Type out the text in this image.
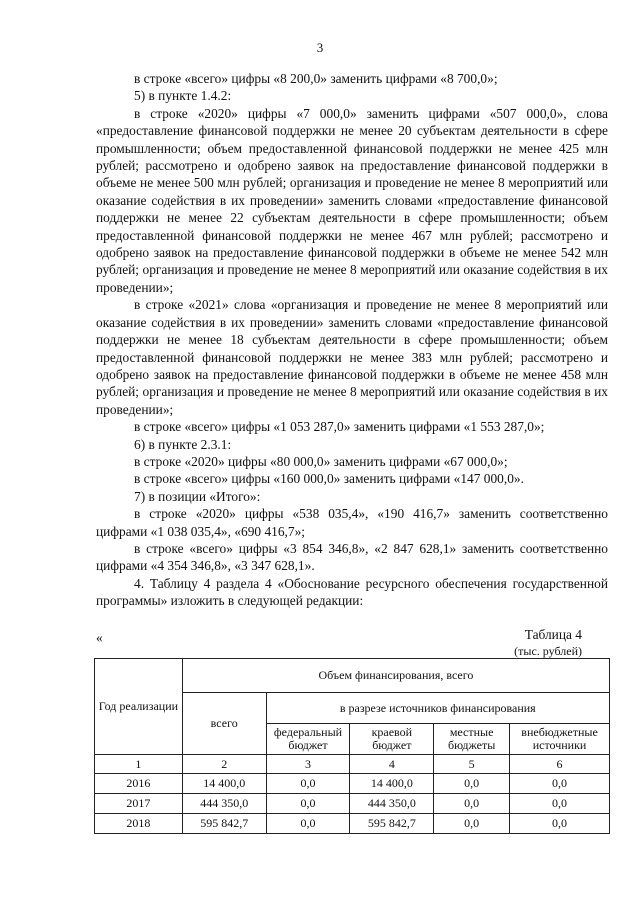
3

в строке «всего» цифры «8 200,0» заменить цифрами «8 700,0»;

5) в пункте 1.4.2:

в строке «2020» цифры «7 000,0» заменить цифрами «507 000,0», слова «предоставление финансовой поддержки не менее 20 субъектам деятельности в сфере промышленности; объем предоставленной финансовой поддержки не менее 425 млн рублей; рассмотрено и одобрено заявок на предоставление финансовой поддержки в объеме не менее 500 млн рублей; организация и проведение не менее 8 мероприятий или оказание содействия в их проведении» заменить словами «предоставление финансовой поддержки не менее 22 субъектам деятельности в сфере промышленности; объем предоставленной финансовой поддержки не менее 467 млн рублей; рассмотрено и одобрено заявок на предоставление финансовой поддержки в объеме не менее 542 млн рублей; организация и проведение не менее 8 мероприятий или оказание содействия в их проведении»;

в строке «2021» слова «организация и проведение не менее 8 мероприятий или оказание содействия в их проведении» заменить словами «предоставление финансовой поддержки не менее 18 субъектам деятельности в сфере промышленности; объем предоставленной финансовой поддержки не менее 383 млн рублей; рассмотрено и одобрено заявок на предоставление финансовой поддержки в объеме не менее 458 млн рублей; организация и проведение не менее 8 мероприятий или оказание содействия в их проведении»;

в строке «всего» цифры «1 053 287,0» заменить цифрами «1 553 287,0»;

6) в пункте 2.3.1:

в строке «2020» цифры «80 000,0» заменить цифрами «67 000,0»;

в строке «всего» цифры «160 000,0» заменить цифрами «147 000,0».

7) в позиции «Итого»:

в строке «2020» цифры «538 035,4», «190 416,7» заменить соответственно цифрами «1 038 035,4», «690 416,7»;

в строке «всего» цифры «3 854 346,8», «2 847 628,1» заменить соответственно цифрами «4 354 346,8», «3 347 628,1».

4. Таблицу 4 раздела 4 «Обоснование ресурсного обеспечения государственной программы» изложить в следующей редакции:

«	Таблица 4
(тыс. рублей)
Год реализации	Объем финансирования, всего				
	всего	в разрезе источников финансирования			
		федеральный бюджет	краевой бюджет	местные бюджеты	внебюджетные источники
1	2	3	4	5	6
2016	14 400,0	0,0	14 400,0	0,0	0,0
2017	444 350,0	0,0	444 350,0	0,0	0,0
2018	595 842,7	0,0	595 842,7	0,0	0,0
